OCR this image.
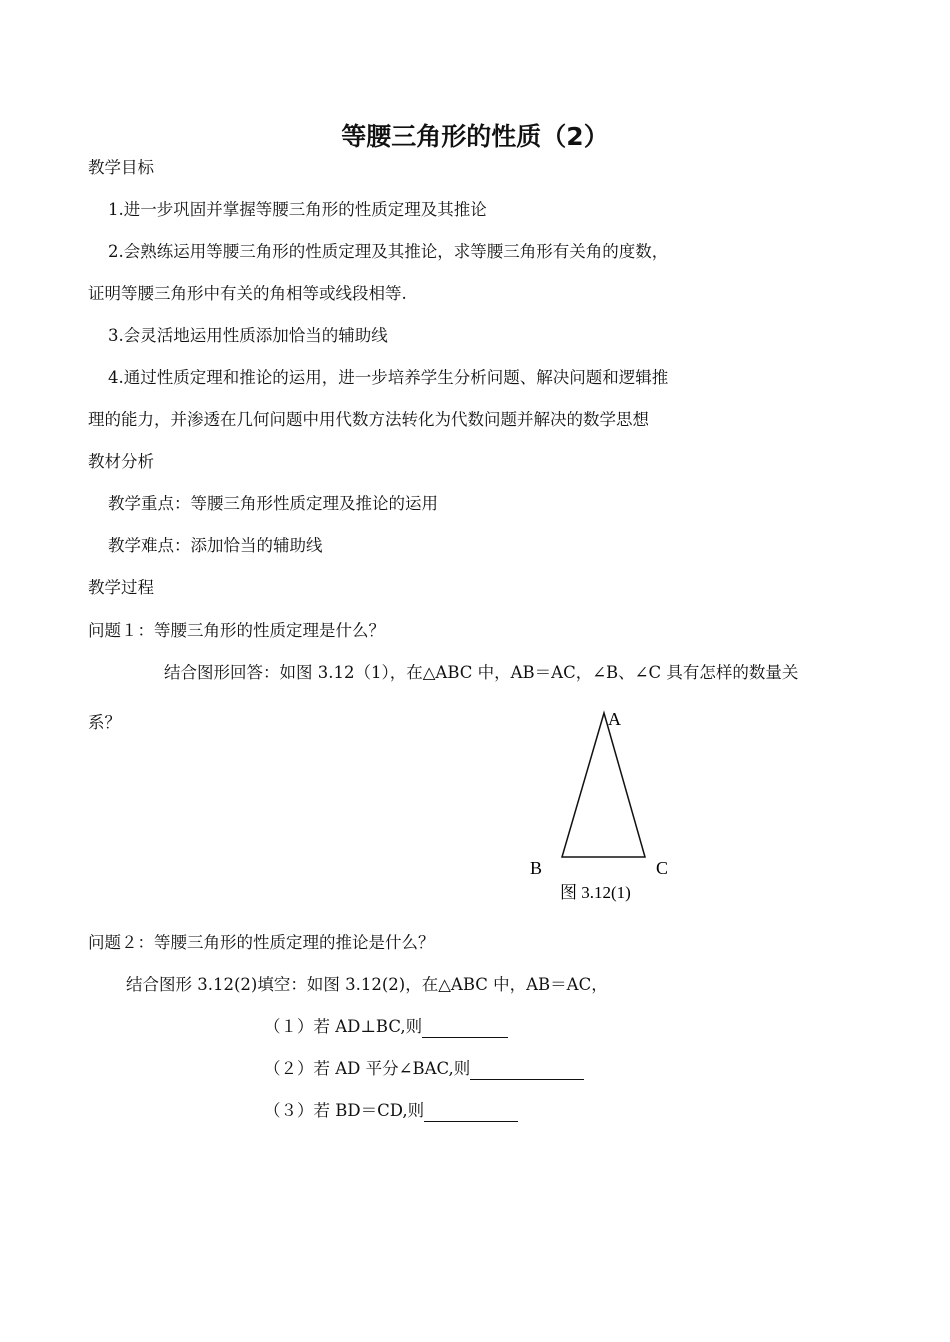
等腰三角形的性质（2）
教学目标
1.进一步巩固并掌握等腰三角形的性质定理及其推论
2.会熟练运用等腰三角形的性质定理及其推论，求等腰三角形有关角的度数，
证明等腰三角形中有关的角相等或线段相等.
3.会灵活地运用性质添加恰当的辅助线
4.通过性质定理和推论的运用，进一步培养学生分析问题、解决问题和逻辑推
理的能力，并渗透在几何问题中用代数方法转化为代数问题并解决的数学思想
教材分析
教学重点：等腰三角形性质定理及推论的运用
教学难点：添加恰当的辅助线
教学过程
问题１：等腰三角形的性质定理是什么？
结合图形回答：如图 3.12（1），在△ABC 中，AB＝AC，∠B、∠C 具有怎样的数量关
系？	A
B	C
图 3.12(1)
问题２：等腰三角形的性质定理的推论是什么？
结合图形 3.12(2)填空：如图 3.12(2)，在△ABC 中，AB＝AC，
（１）若 AD⊥BC,则
（２）若 AD 平分∠BAC,则
（３）若 BD＝CD,则
